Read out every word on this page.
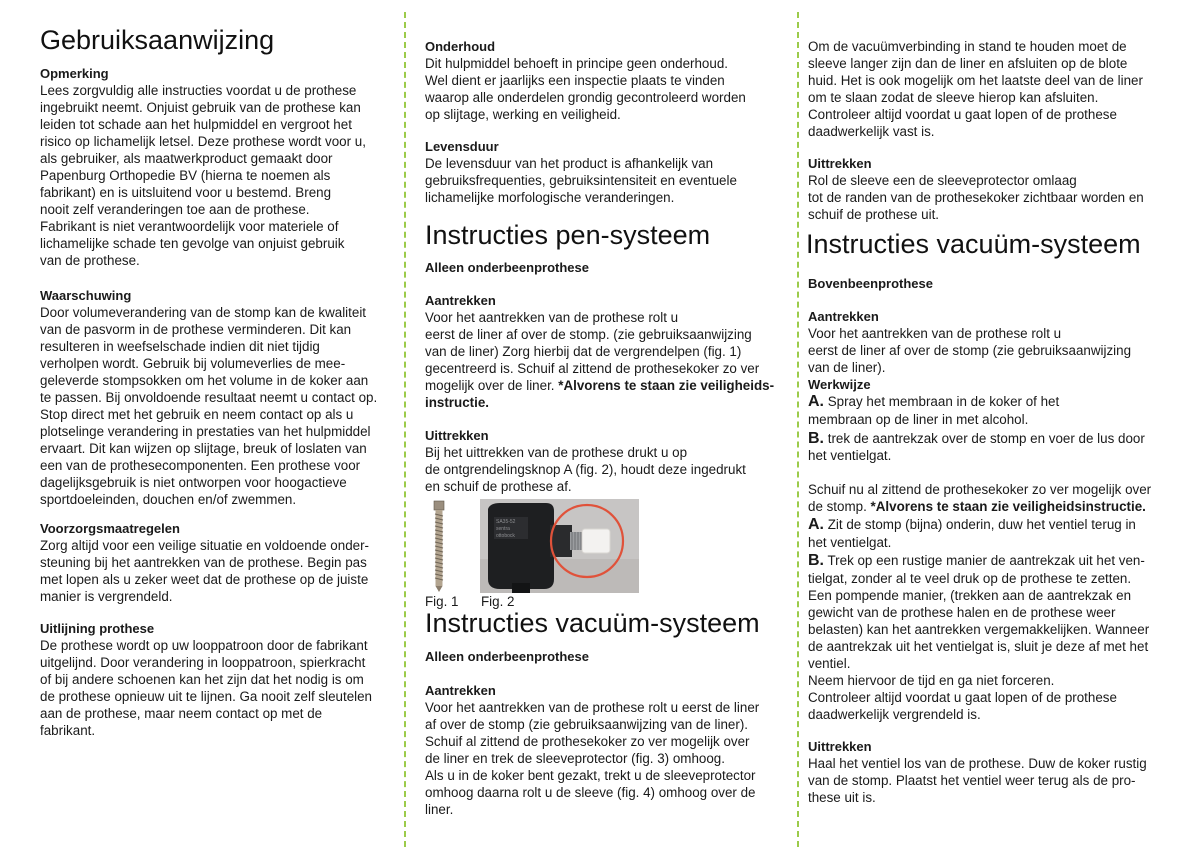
Gebruiksaanwijzing
Opmerking
Lees zorgvuldig alle instructies voordat u de prothese
ingebruikt neemt. Onjuist gebruik van de prothese kan
leiden tot schade aan het hulpmiddel en vergroot het
risico op lichamelijk letsel. Deze prothese wordt voor u,
als gebruiker, als maatwerkproduct gemaakt door
Papenburg Orthopedie BV (hierna te noemen als
fabrikant) en is uitsluitend voor u bestemd. Breng
nooit zelf veranderingen toe aan de prothese.
Fabrikant is niet verantwoordelijk voor materiele of
lichamelijke schade ten gevolge van onjuist gebruik
van de prothese.
Waarschuwing
Door volumeverandering van de stomp kan de kwaliteit
van de pasvorm in de prothese verminderen. Dit kan
resulteren in weefselschade indien dit niet tijdig
verholpen wordt. Gebruik bij volumeverlies de mee-
geleverde stompsokken om het volume in de koker aan
te passen. Bij onvoldoende resultaat neemt u contact op.
Stop direct met het gebruik en neem contact op als u
plotselinge verandering in prestaties van het hulpmiddel
ervaart. Dit kan wijzen op slijtage, breuk of loslaten van
een van de prothesecomponenten. Een prothese voor
dagelijksgebruik is niet ontworpen voor hoogactieve
sportdoeleinden, douchen en/of zwemmen.
Voorzorgsmaatregelen
Zorg altijd voor een veilige situatie en voldoende onder-
steuning bij het aantrekken van de prothese. Begin pas
met lopen als u zeker weet dat de prothese op de juiste
manier is vergrendeld.
Uitlijning prothese
De prothese wordt op uw looppatroon door de fabrikant
uitgelijnd. Door verandering in looppatroon, spierkracht
of bij andere schoenen kan het zijn dat het nodig is om
de prothese opnieuw uit te lijnen. Ga nooit zelf sleutelen
aan de prothese, maar neem contact op met de
fabrikant.
Onderhoud
Dit hulpmiddel behoeft in principe geen onderhoud.
Wel dient er jaarlijks een inspectie plaats te vinden
waarop alle onderdelen grondig gecontroleerd worden
op slijtage, werking en veiligheid.
Levensduur
De levensduur van het product is afhankelijk van
gebruiksfrequenties, gebruiksintensiteit en eventuele
lichamelijke morfologische veranderingen.
Instructies pen-systeem
Alleen onderbeenprothese
Aantrekken
Voor het aantrekken van de prothese rolt u
eerst de liner af over de stomp. (zie gebruiksaanwijzing
van de liner) Zorg hierbij dat de vergrendelpen (fig. 1)
gecentreerd is. Schuif al zittend de prothesekoker zo ver
mogelijk over de liner. *Alvorens te staan zie veiligheids-
instructie.
Uittrekken
Bij het uittrekken van de prothese drukt u op
de ontgrendelingsknop A (fig. 2), houdt deze ingedrukt
en schuif de prothese af.
SA35-52
sentra
ottobock
Fig. 1 Fig. 2
Instructies vacuüm-systeem
Alleen onderbeenprothese
Aantrekken
Voor het aantrekken van de prothese rolt u eerst de liner
af over de stomp (zie gebruiksaanwijzing van de liner).
Schuif al zittend de prothesekoker zo ver mogelijk over
de liner en trek de sleeveprotector (fig. 3) omhoog.
Als u in de koker bent gezakt, trekt u de sleeveprotector
omhoog daarna rolt u de sleeve (fig. 4) omhoog over de
liner.
Om de vacuümverbinding in stand te houden moet de
sleeve langer zijn dan de liner en afsluiten op de blote
huid. Het is ook mogelijk om het laatste deel van de liner
om te slaan zodat de sleeve hierop kan afsluiten.
Controleer altijd voordat u gaat lopen of de prothese
daadwerkelijk vast is.
Uittrekken
Rol de sleeve een de sleeveprotector omlaag
tot de randen van de prothesekoker zichtbaar worden en
schuif de prothese uit.
Instructies vacuüm-systeem
Bovenbeenprothese
Aantrekken
Voor het aantrekken van de prothese rolt u
eerst de liner af over de stomp (zie gebruiksaanwijzing
van de liner).
Werkwijze
A. Spray het membraan in de koker of het
membraan op de liner in met alcohol.
B. trek de aantrekzak over de stomp en voer de lus door
het ventielgat.
Schuif nu al zittend de prothesekoker zo ver mogelijk over
de stomp. *Alvorens te staan zie veiligheidsinstructie.
A. Zit de stomp (bijna) onderin, duw het ventiel terug in
het ventielgat.
B. Trek op een rustige manier de aantrekzak uit het ven-
tielgat, zonder al te veel druk op de prothese te zetten.
Een pompende manier, (trekken aan de aantrekzak en
gewicht van de prothese halen en de prothese weer
belasten) kan het aantrekken vergemakkelijken. Wanneer
de aantrekzak uit het ventielgat is, sluit je deze af met het
ventiel.
Neem hiervoor de tijd en ga niet forceren.
Controleer altijd voordat u gaat lopen of de prothese
daadwerkelijk vergrendeld is.
Uittrekken
Haal het ventiel los van de prothese. Duw de koker rustig
van de stomp. Plaatst het ventiel weer terug als de pro-
these uit is.
